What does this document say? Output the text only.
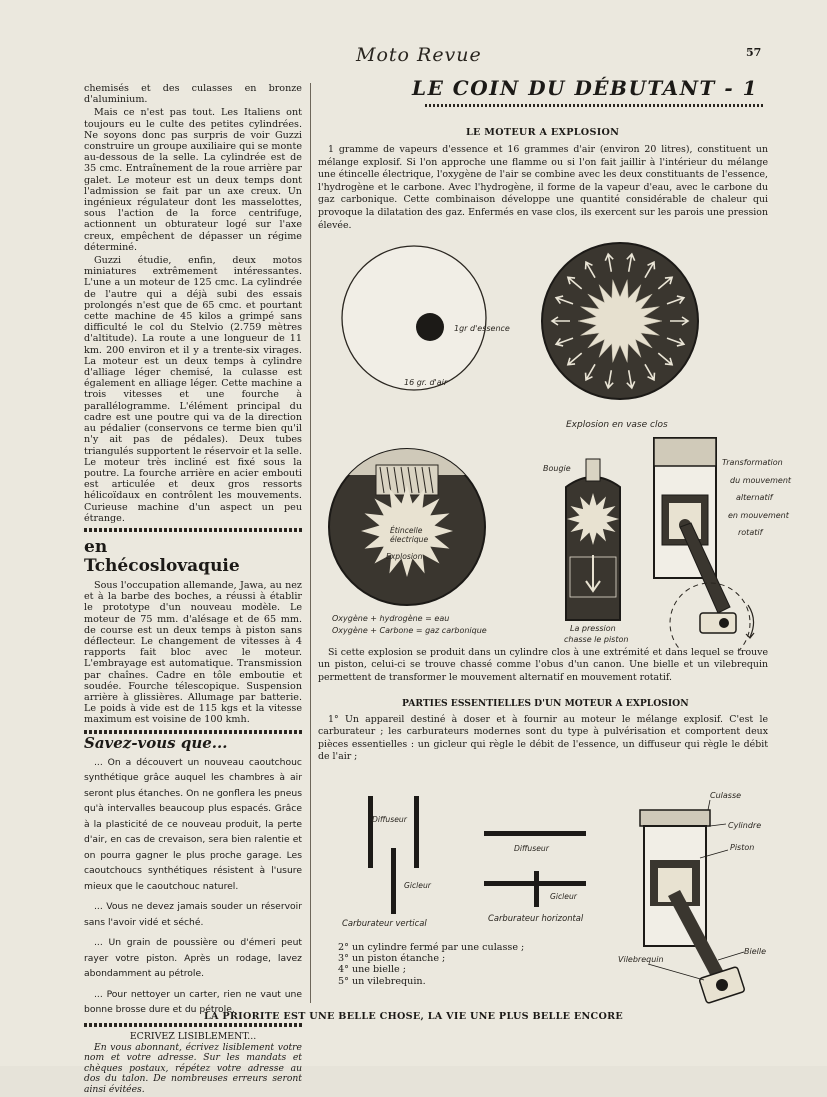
Moto Revue	57

chemisés et des culasses en bronze d'aluminium.

Mais ce n'est pas tout. Les Italiens ont toujours eu le culte des petites cylindrées. Ne soyons donc pas surpris de voir Guzzi construire un groupe auxiliaire qui se monte au-dessous de la selle. La cylindrée est de 35 cmc. Entraînement de la roue arrière par galet. Le moteur est un deux temps dont l'admission se fait par un axe creux. Un ingénieux régulateur dont les masselottes, sous l'action de la force centrifuge, actionnent un obturateur logé sur l'axe creux, empêchent de dépasser un régime déterminé.

Guzzi étudie, enfin, deux motos miniatures extrêmement intéressantes. L'une a un moteur de 125 cmc. La cylindrée de l'autre qui a déjà subi des essais prolongés n'est que de 65 cmc. et pourtant cette machine de 45 kilos a grimpé sans difficulté le col du Stelvio (2.759 mètres d'altitude). La route a une longueur de 11 km. 200 environ et il y a trente-six virages. La moteur est un deux temps à cylindre d'alliage léger chemisé, la culasse est également en alliage léger. Cette machine a trois vitesses et une fourche à parallélogramme. L'élément principal du cadre est une poutre qui va de la direction au pédalier (conservons ce terme bien qu'il n'y ait pas de pédales). Deux tubes triangulés supportent le réservoir et la selle. Le moteur très incliné est fixé sous la poutre. La fourche arrière en acier embouti est articulée et deux gros ressorts hélicoïdaux en contrôlent les mouvements. Curieuse machine d'un aspect un peu étrange.

en
Tchécoslovaquie

Sous l'occupation allemande, Jawa, au nez et à la barbe des boches, a réussi à établir le prototype d'un nouveau modèle. Le moteur de 75 mm. d'alésage et de 65 mm. de course est un deux temps à piston sans déflecteur. Le changement de vitesses à 4 rapports fait bloc avec le moteur. L'embrayage est automatique. Transmission par chaînes. Cadre en tôle emboutie et soudée. Fourche télescopique. Suspension arrière à glissières. Allumage par batterie. Le poids à vide est de 115 kgs et la vitesse maximum est voisine de 100 kmh.

Savez-vous que...

... On a découvert un nouveau caoutchouc synthétique grâce auquel les chambres à air seront plus étanches. On ne gonflera les pneus qu'à intervalles beaucoup plus espacés. Grâce à la plasticité de ce nouveau produit, la perte d'air, en cas de crevaison, sera bien ralentie et on pourra gagner le plus proche garage. Les caoutchoucs synthétiques résistent à l'usure mieux que le caoutchouc naturel.

... Vous ne devez jamais souder un réservoir sans l'avoir vidé et séché.

... Un grain de poussière ou d'émeri peut rayer votre piston. Après un rodage, lavez abondamment au pétrole.

... Pour nettoyer un carter, rien ne vaut une bonne brosse dure et du pétrole.

ECRIVEZ LISIBLEMENT...

En vous abonnant, écrivez lisiblement votre nom et votre adresse. Sur les mandats et chèques postaux, répétez votre adresse au dos du talon. De nombreuses erreurs seront ainsi évitées.

LE COIN DU DÉBUTANT - 1
LE MOTEUR A EXPLOSION

1 gramme de vapeurs d'essence et 16 grammes d'air (environ 20 litres), constituent un mélange explosif. Si l'on approche une flamme ou si l'on fait jaillir à l'intérieur du mélange une étincelle électrique, l'oxygène de l'air se combine avec les deux constituants de l'essence, l'hydrogène et le carbone. Avec l'hydrogène, il forme de la vapeur d'eau, avec le carbone du gaz carbonique. Cette combinaison développe une quantité considérable de chaleur qui provoque la dilatation des gaz. Enfermés en vase clos, ils exercent sur les parois une pression élevée.

1gr d'essence
16 gr. d'air
Explosion en vase clos
Étincelle
électrique
Explosion
Oxygène + hydrogène = eau
Oxygène + Carbone = gaz carbonique
Bougie
La pression
chasse le piston
Transformation
du mouvement
alternatif
en mouvement
rotatif

Si cette explosion se produit dans un cylindre clos à une extrémité et dans lequel se trouve un piston, celui-ci se trouve chassé comme l'obus d'un canon. Une bielle et un vilebrequin permettent de transformer le mouvement alternatif en mouvement rotatif.

PARTIES ESSENTIELLES D'UN MOTEUR A EXPLOSION

1° Un appareil destiné à doser et à fournir au moteur le mélange explosif. C'est le carburateur ; les carburateurs modernes sont du type à pulvérisation et comportent deux pièces essentielles : un gicleur qui règle le débit de l'essence, un diffuseur qui règle le débit de l'air ;

Diffuseur
Gicleur
Carburateur vertical
Diffuseur
Gicleur
Carburateur horizontal
Culasse
Cylindre
Piston
Bielle
Vilebrequin
2° un cylindre fermé par une culasse ;
3° un piston étanche ;
4° une bielle ;
5° un vilebrequin.
LA PRIORITE EST UNE BELLE CHOSE, LA VIE UNE PLUS BELLE ENCORE
